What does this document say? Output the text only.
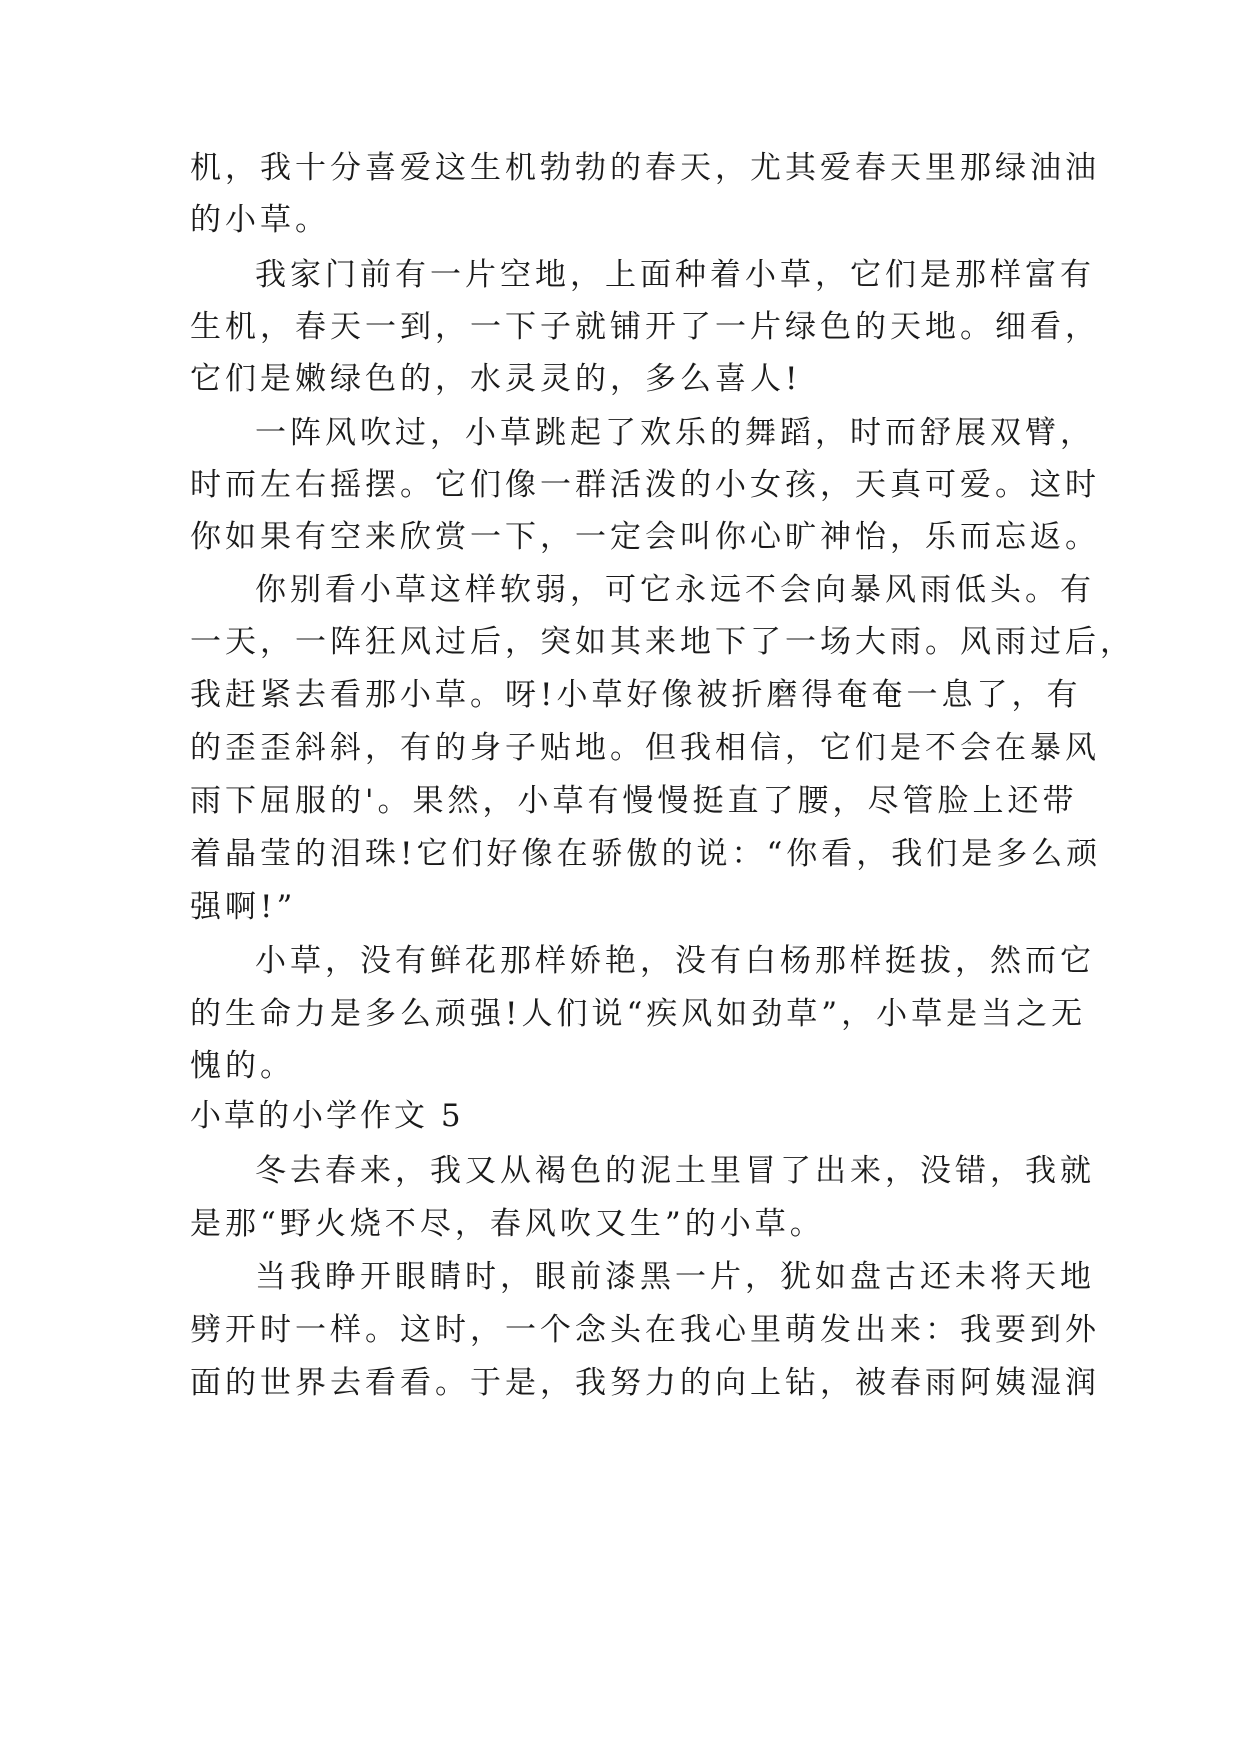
机，我十分喜爱这生机勃勃的春天，尤其爱春天里那绿油油
的小草。
我家门前有一片空地，上面种着小草，它们是那样富有
生机，春天一到，一下子就铺开了一片绿色的天地。细看，
它们是嫩绿色的，水灵灵的，多么喜人!
一阵风吹过，小草跳起了欢乐的舞蹈，时而舒展双臂，
时而左右摇摆。它们像一群活泼的小女孩，天真可爱。这时
你如果有空来欣赏一下，一定会叫你心旷神怡，乐而忘返。
你别看小草这样软弱，可它永远不会向暴风雨低头。有
一天，一阵狂风过后，突如其来地下了一场大雨。风雨过后，
我赶紧去看那小草。呀!小草好像被折磨得奄奄一息了，有
的歪歪斜斜，有的身子贴地。但我相信，它们是不会在暴风
雨下屈服的'。果然，小草有慢慢挺直了腰，尽管脸上还带
着晶莹的泪珠!它们好像在骄傲的说：“你看，我们是多么顽
强啊!”
小草，没有鲜花那样娇艳，没有白杨那样挺拔，然而它
的生命力是多么顽强!人们说“疾风如劲草”，小草是当之无
愧的。
小草的小学作文 5
冬去春来，我又从褐色的泥土里冒了出来，没错，我就
是那“野火烧不尽，春风吹又生”的小草。
当我睁开眼睛时，眼前漆黑一片，犹如盘古还未将天地
劈开时一样。这时，一个念头在我心里萌发出来：我要到外
面的世界去看看。于是，我努力的向上钻，被春雨阿姨湿润
